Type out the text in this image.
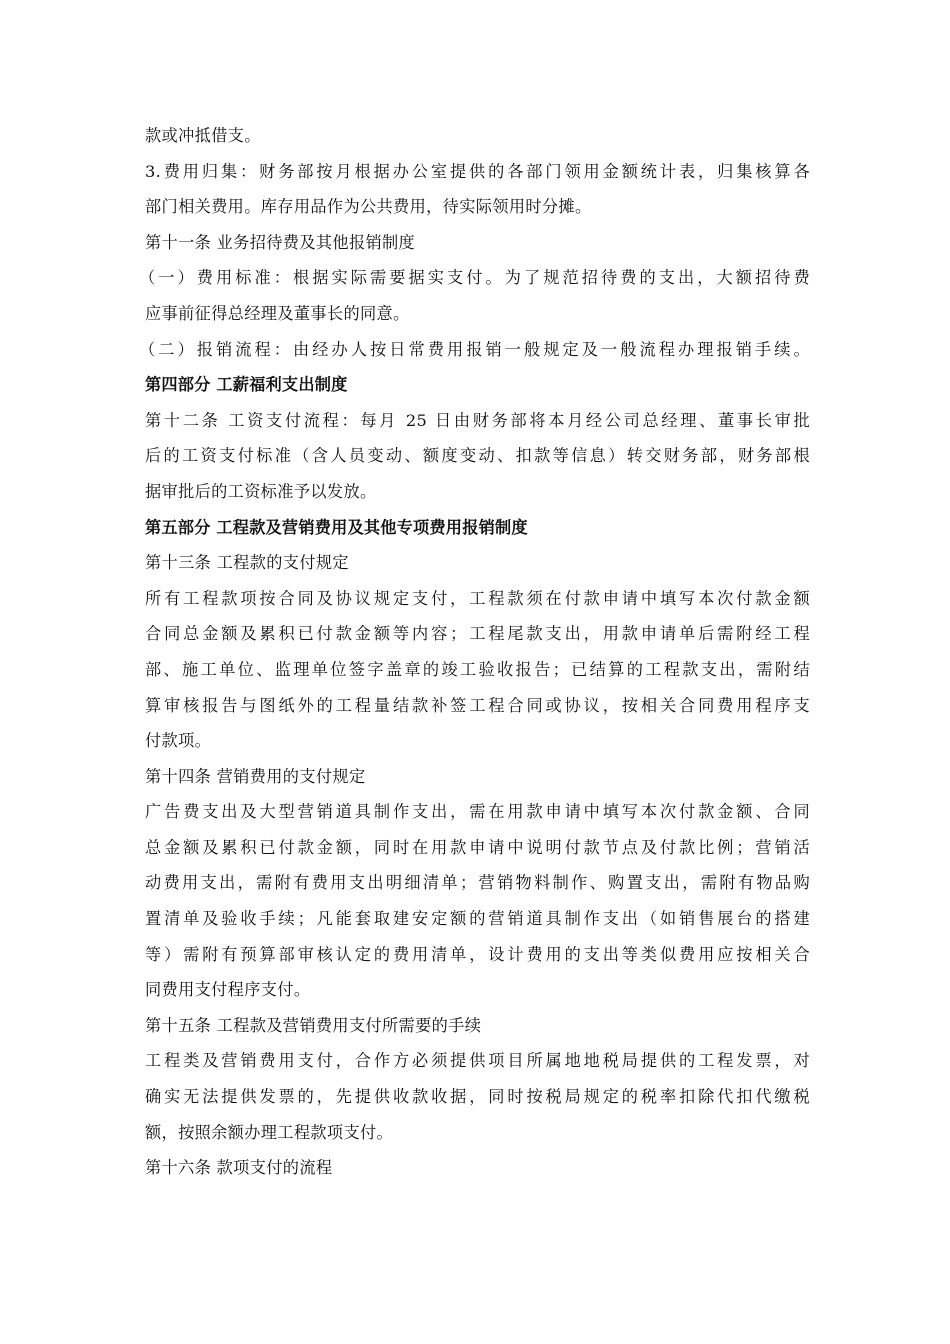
款或冲抵借支。
3.费用归集：财务部按月根据办公室提供的各部门领用金额统计表，归集核算各
部门相关费用。库存用品作为公共费用，待实际领用时分摊。
第十一条 业务招待费及其他报销制度
（一）费用标准：根据实际需要据实支付。为了规范招待费的支出，大额招待费
应事前征得总经理及董事长的同意。
（二）报销流程：由经办人按日常费用报销一般规定及一般流程办理报销手续。
第四部分 工薪福利支出制度
第十二条 工资支付流程：每月 25 日由财务部将本月经公司总经理、董事长审批
后的工资支付标准（含人员变动、额度变动、扣款等信息）转交财务部，财务部根
据审批后的工资标准予以发放。
第五部分 工程款及营销费用及其他专项费用报销制度
第十三条 工程款的支付规定
所有工程款项按合同及协议规定支付，工程款须在付款申请中填写本次付款金额
合同总金额及累积已付款金额等内容；工程尾款支出，用款申请单后需附经工程
部、施工单位、监理单位签字盖章的竣工验收报告；已结算的工程款支出，需附结
算审核报告与图纸外的工程量结款补签工程合同或协议，按相关合同费用程序支
付款项。
第十四条 营销费用的支付规定
广告费支出及大型营销道具制作支出，需在用款申请中填写本次付款金额、合同
总金额及累积已付款金额，同时在用款申请中说明付款节点及付款比例；营销活
动费用支出，需附有费用支出明细清单；营销物料制作、购置支出，需附有物品购
置清单及验收手续；凡能套取建安定额的营销道具制作支出（如销售展台的搭建
等）需附有预算部审核认定的费用清单，设计费用的支出等类似费用应按相关合
同费用支付程序支付。
第十五条 工程款及营销费用支付所需要的手续
工程类及营销费用支付，合作方必须提供项目所属地地税局提供的工程发票，对
确实无法提供发票的，先提供收款收据，同时按税局规定的税率扣除代扣代缴税
额，按照余额办理工程款项支付。
第十六条 款项支付的流程
